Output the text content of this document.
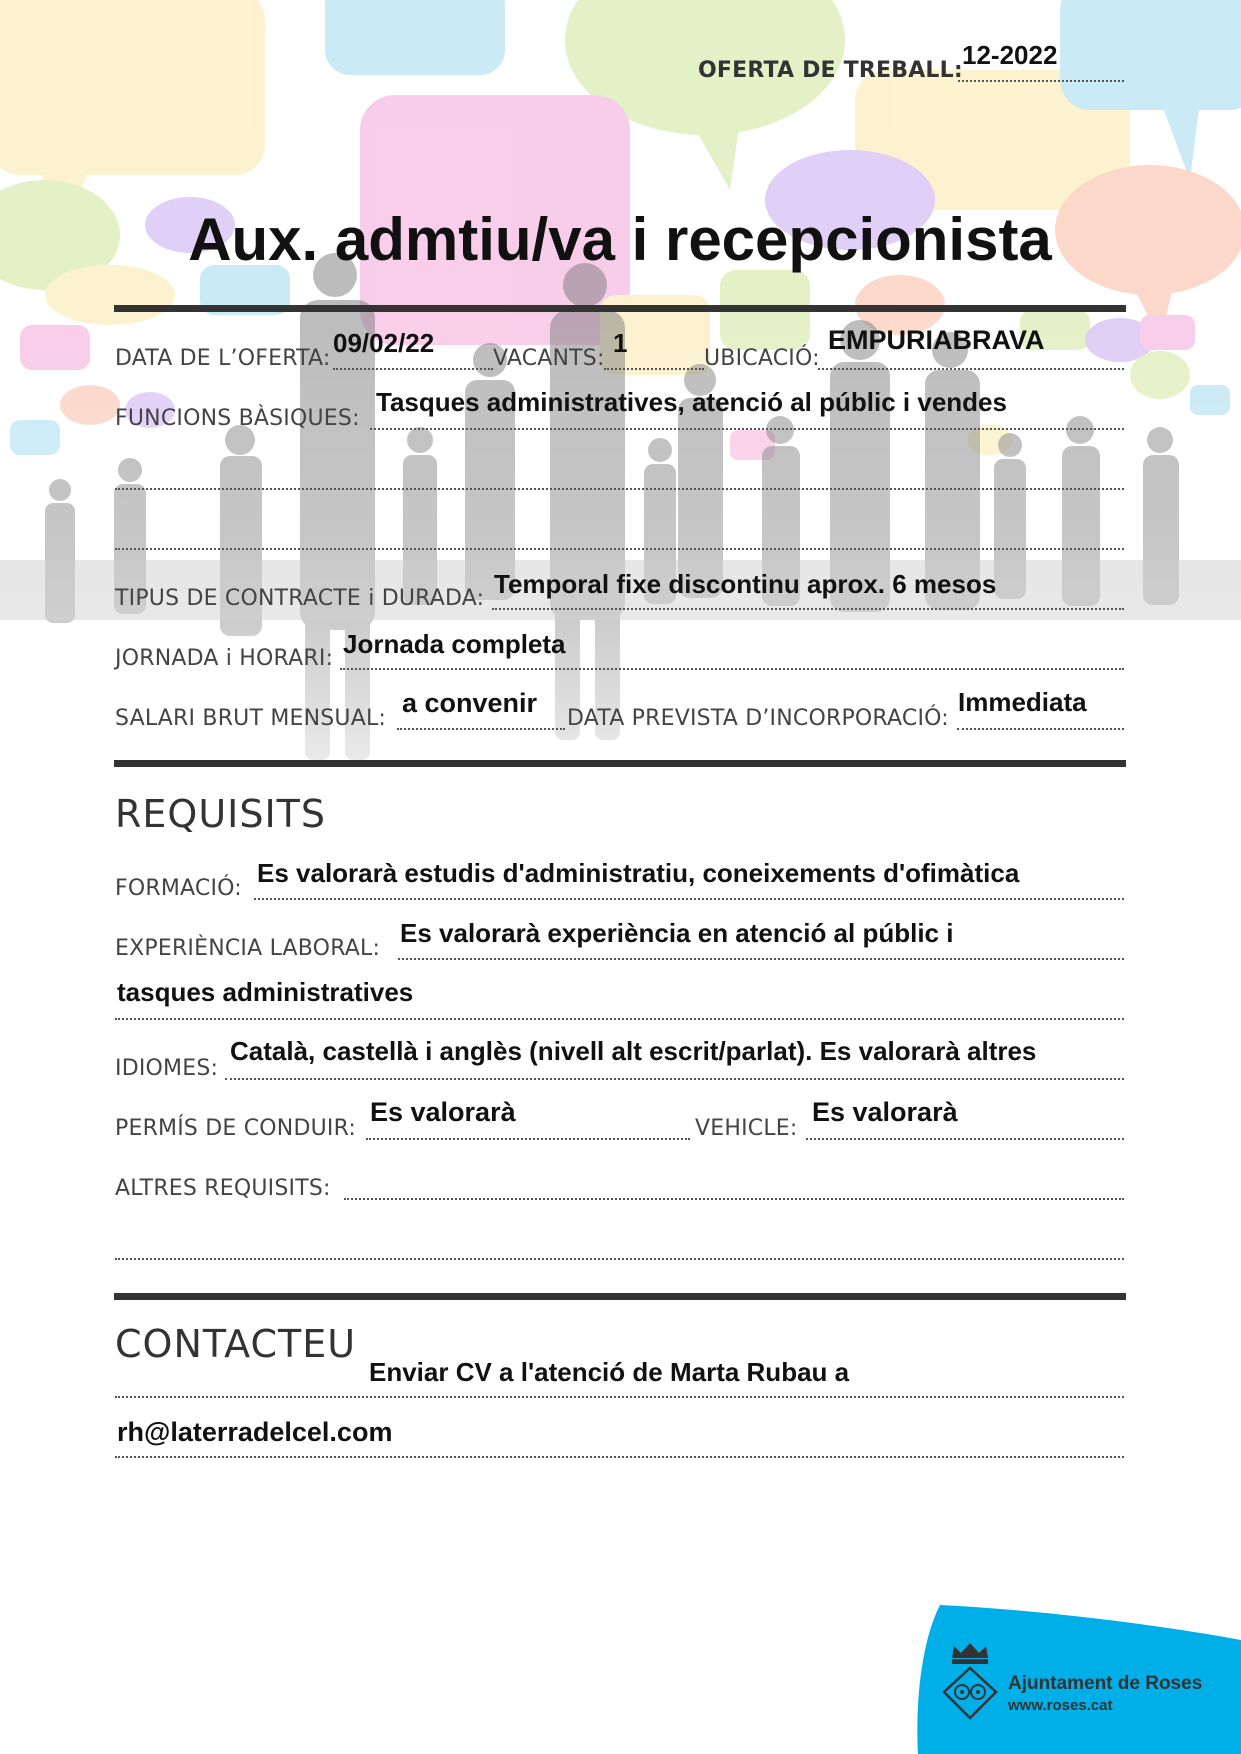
OFERTA DE TREBALL:
12-2022
Aux. admtiu/va i recepcionista
DATA DE L’OFERTA:
09/02/22
VACANTS:
1
UBICACIÓ:
EMPURIABRAVA
FUNCIONS BÀSIQUES:
Tasques administratives, atenció al públic i vendes
TIPUS DE CONTRACTE i DURADA: Temporal fixe discontinu aprox. 6 mesos
JORNADA i HORARI: Jornada completa
SALARI BRUT MENSUAL:
a convenir
DATA PREVISTA D’INCORPORACIÓ:
Immediata
REQUISITS
FORMACIÓ:
Es valorarà estudis d'administratiu, coneixements d'ofimàtica
EXPERIÈNCIA LABORAL:
Es valorarà experiència en atenció al públic i
tasques administratives
IDIOMES:
Català, castellà i anglès (nivell alt escrit/parlat). Es valorarà altres
PERMÍS DE CONDUIR:
Es valorarà
VEHICLE:
Es valorarà
ALTRES REQUISITS:
CONTACTEU
Enviar CV a l'atenció de Marta Rubau a
rh@laterradelcel.com
Ajuntament de Roses
www.roses.cat
